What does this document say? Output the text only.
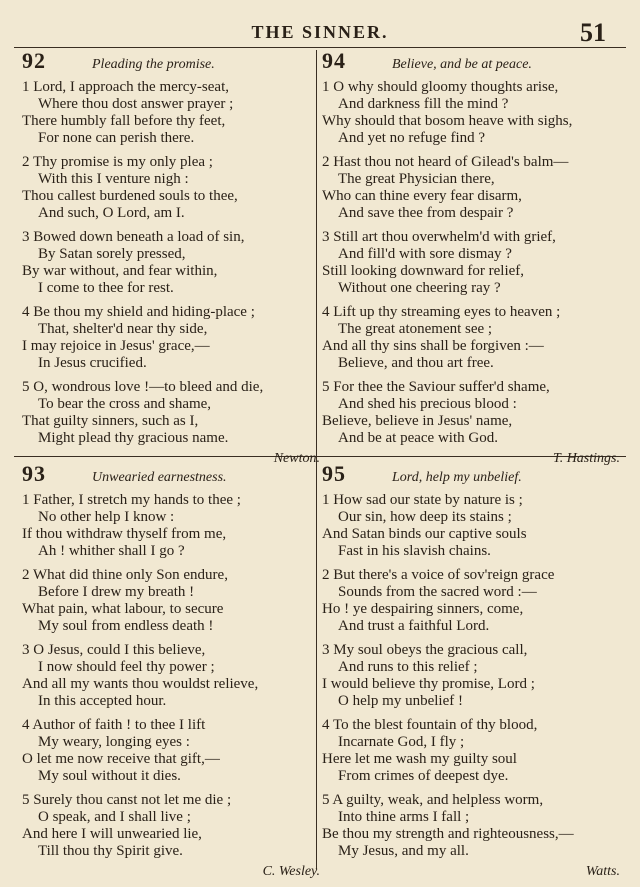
THE SINNER.	51
92	Pleading the promise.
1 Lord, I approach the mercy-seat,
Where thou dost answer prayer ;
There humbly fall before thy feet,
For none can perish there.
2 Thy promise is my only plea ;
With this I venture nigh :
Thou callest burdened souls to thee,
And such, O Lord, am I.
3 Bowed down beneath a load of sin,
By Satan sorely pressed,
By war without, and fear within,
I come to thee for rest.
4 Be thou my shield and hiding-place ;
That, shelter'd near thy side,
I may rejoice in Jesus' grace,—
In Jesus crucified.
5 O, wondrous love !—to bleed and die,
To bear the cross and shame,
That guilty sinners, such as I,
Might plead thy gracious name.
Newton.
94	Believe, and be at peace.
1 O why should gloomy thoughts arise,
And darkness fill the mind ?
Why should that bosom heave with sighs,
And yet no refuge find ?
2 Hast thou not heard of Gilead's balm—
The great Physician there,
Who can thine every fear disarm,
And save thee from despair ?
3 Still art thou overwhelm'd with grief,
And fill'd with sore dismay ?
Still looking downward for relief,
Without one cheering ray ?
4 Lift up thy streaming eyes to heaven ;
The great atonement see ;
And all thy sins shall be forgiven :—
Believe, and thou art free.
5 For thee the Saviour suffer'd shame,
And shed his precious blood :
Believe, believe in Jesus' name,
And be at peace with God.
T. Hastings.
93	Unwearied earnestness.
1 Father, I stretch my hands to thee ;
No other help I know :
If thou withdraw thyself from me,
Ah ! whither shall I go ?
2 What did thine only Son endure,
Before I drew my breath !
What pain, what labour, to secure
My soul from endless death !
3 O Jesus, could I this believe,
I now should feel thy power ;
And all my wants thou wouldst relieve,
In this accepted hour.
4 Author of faith ! to thee I lift
My weary, longing eyes :
O let me now receive that gift,—
My soul without it dies.
5 Surely thou canst not let me die ;
O speak, and I shall live ;
And here I will unwearied lie,
Till thou thy Spirit give.
C. Wesley.
95	Lord, help my unbelief.
1 How sad our state by nature is ;
Our sin, how deep its stains ;
And Satan binds our captive souls
Fast in his slavish chains.
2 But there's a voice of sov'reign grace
Sounds from the sacred word :—
Ho ! ye despairing sinners, come,
And trust a faithful Lord.
3 My soul obeys the gracious call,
And runs to this relief ;
I would believe thy promise, Lord ;
O help my unbelief !
4 To the blest fountain of thy blood,
Incarnate God, I fly ;
Here let me wash my guilty soul
From crimes of deepest dye.
5 A guilty, weak, and helpless worm,
Into thine arms I fall ;
Be thou my strength and righteousness,—
My Jesus, and my all.
Watts.
